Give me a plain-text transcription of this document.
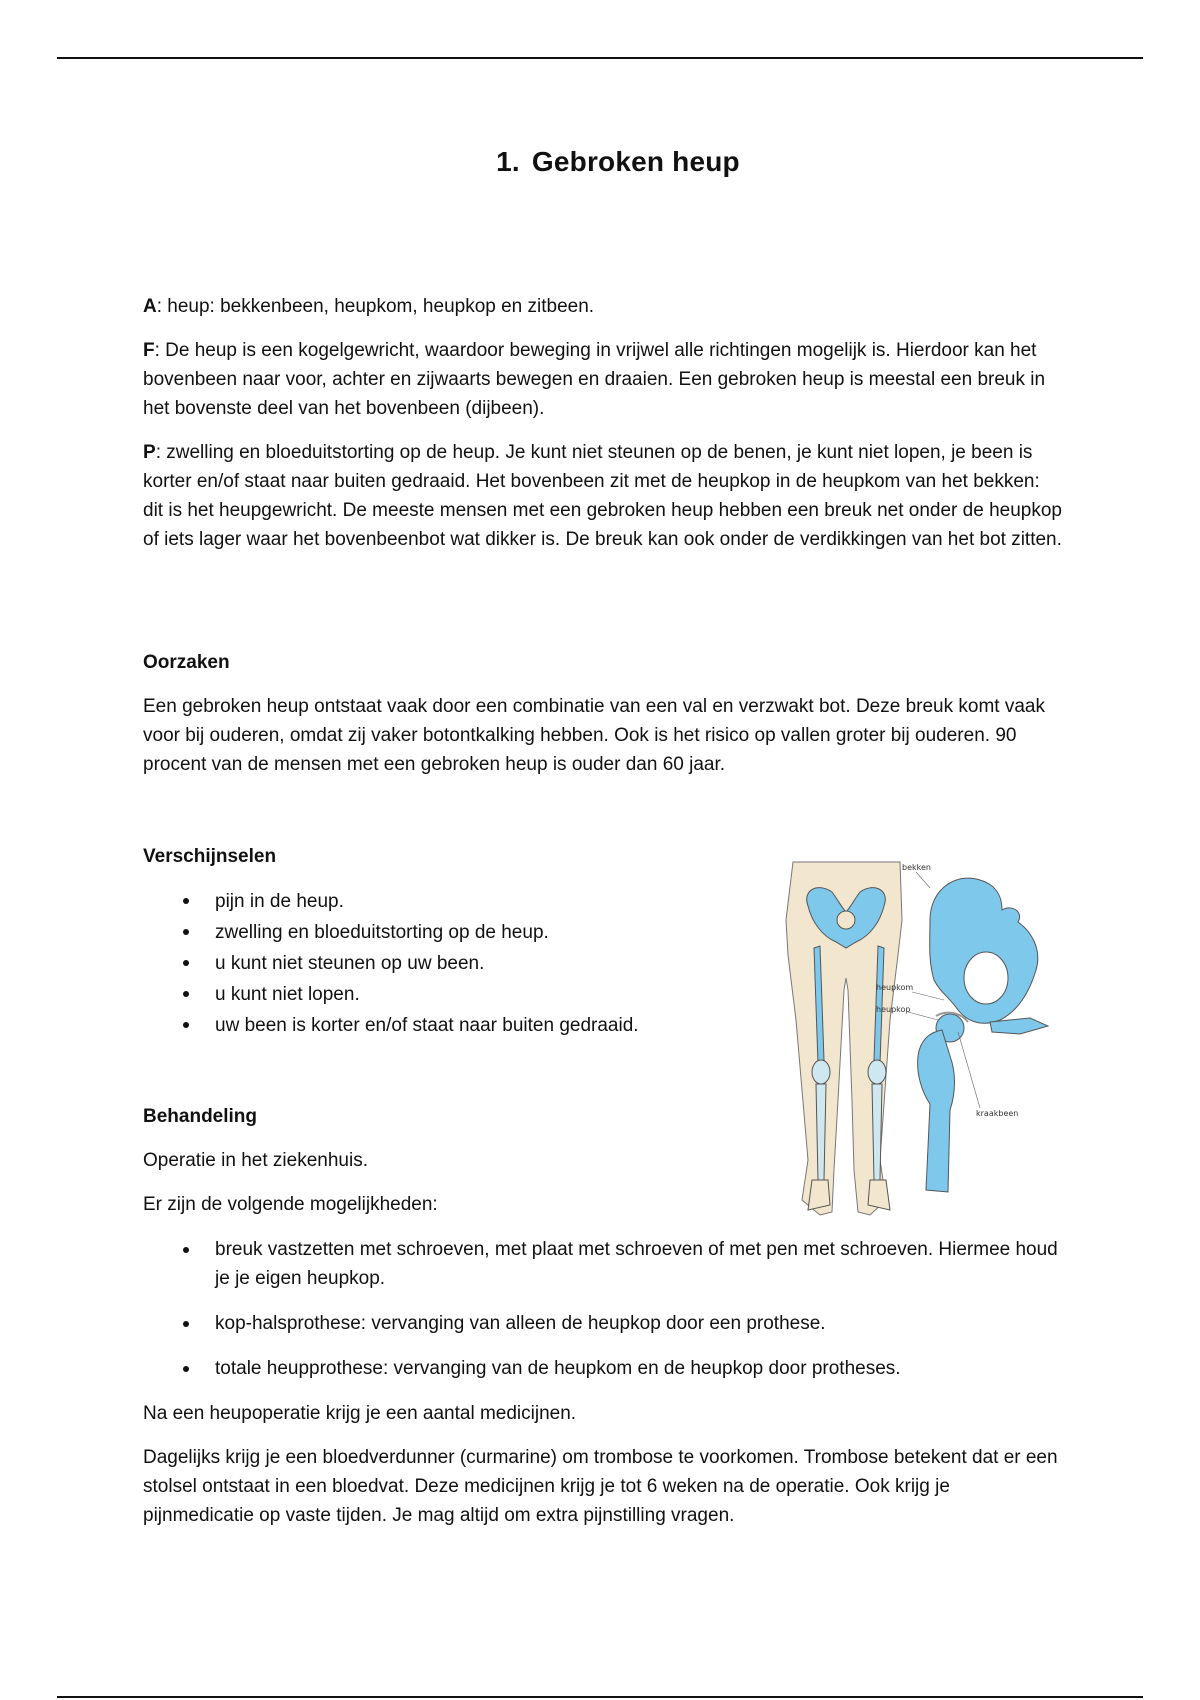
1. Gebroken heup

A: heup: bekkenbeen, heupkom, heupkop en zitbeen.

F: De heup is een kogelgewricht, waardoor beweging in vrijwel alle richtingen mogelijk is. Hierdoor kan het bovenbeen naar voor, achter en zijwaarts bewegen en draaien. Een gebroken heup is meestal een breuk in het bovenste deel van het bovenbeen (dijbeen).

P: zwelling en bloeduitstorting op de heup. Je kunt niet steunen op de benen, je kunt niet lopen, je been is korter en/of staat naar buiten gedraaid. Het bovenbeen zit met de heupkop in de heupkom van het bekken: dit is het heupgewricht. De meeste mensen met een gebroken heup hebben een breuk net onder de heupkop of iets lager waar het bovenbeenbot wat dikker is. De breuk kan ook onder de verdikkingen van het bot zitten.

Oorzaken

Een gebroken heup ontstaat vaak door een combinatie van een val en verzwakt bot. Deze breuk komt vaak voor bij ouderen, omdat zij vaker botontkalking hebben. Ook is het risico op vallen groter bij ouderen. 90 procent van de mensen met een gebroken heup is ouder dan 60 jaar.

Verschijnselen

pijn in de heup.
zwelling en bloeduitstorting op de heup.
u kunt niet steunen op uw been.
u kunt niet lopen.
uw been is korter en/of staat naar buiten gedraaid.
bekken
heupkom
heupkop
kraakbeen

Behandeling

Operatie in het ziekenhuis.

Er zijn de volgende mogelijkheden:

breuk vastzetten met schroeven, met plaat met schroeven of met pen met schroeven. Hiermee houd je je eigen heupkop.
kop-halsprothese: vervanging van alleen de heupkop door een prothese.
totale heupprothese: vervanging van de heupkom en de heupkop door protheses.

Na een heupoperatie krijg je een aantal medicijnen.

Dagelijks krijg je een bloedverdunner (curmarine) om trombose te voorkomen. Trombose betekent dat er een stolsel ontstaat in een bloedvat. Deze medicijnen krijg je tot 6 weken na de operatie. Ook krijg je pijnmedicatie op vaste tijden. Je mag altijd om extra pijnstilling vragen.
